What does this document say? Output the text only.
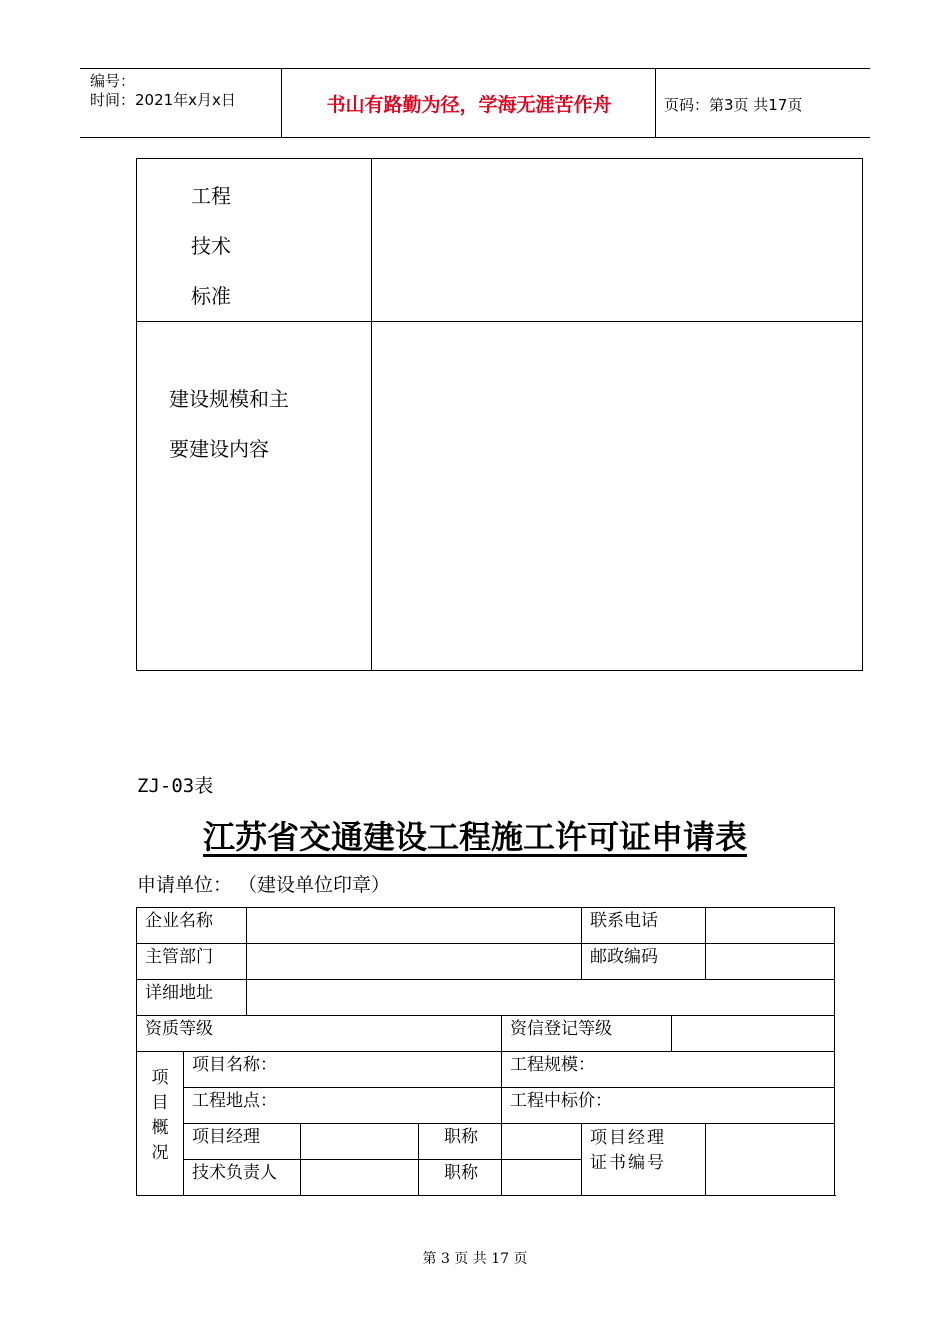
编号：
时间：2021年x月x日	书山有路勤为径，学海无涯苦作舟	页码：第3页 共17页
工程
技术
标准	

建设规模和主
要建设内容	

ZJ-03表
江苏省交通建设工程施工许可证申请表
申请单位： （建设单位印章）
企业名称						联系电话		
主管部门						邮政编码		
详细地址								
资质等级					资信登记等级			

项
目
概
况	项目名称：				工程规模：			
	工程地点：				工程中标价：			
	项目经理			职称		项目经理
证书编号		

	技术负责人			职称				
第 3 页 共 17 页
